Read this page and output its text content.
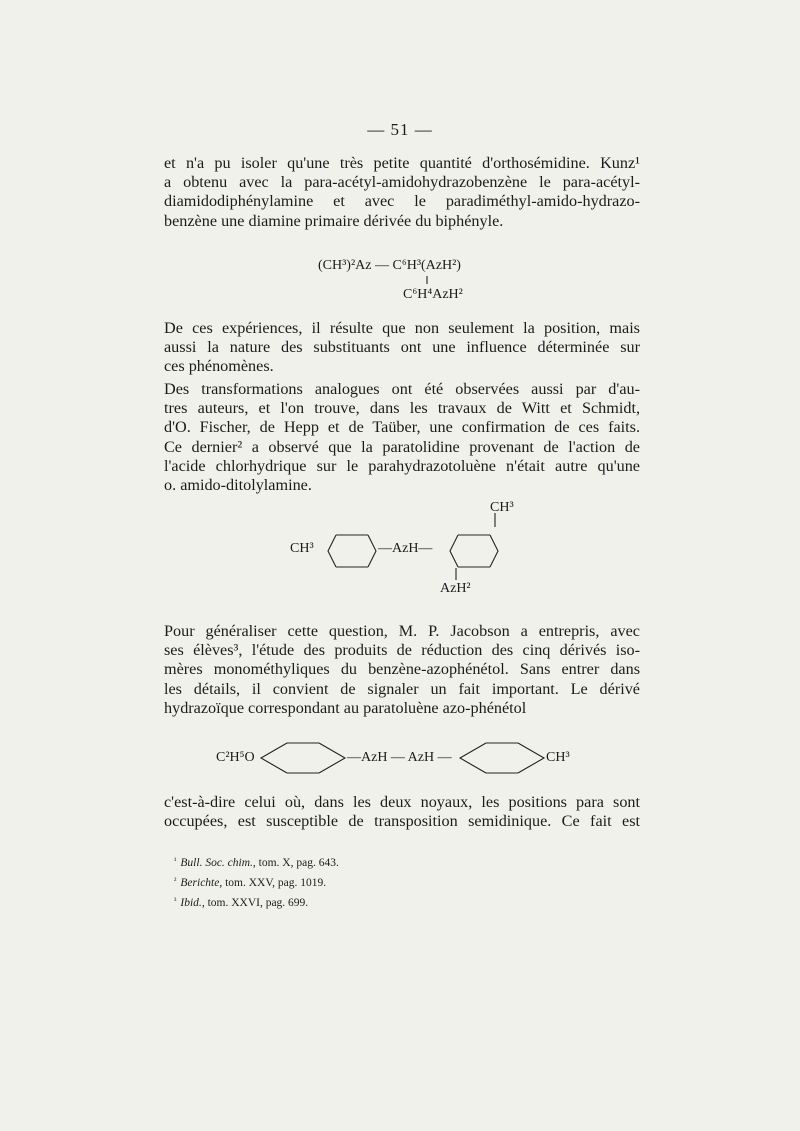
— 51 —
et n'a pu isoler qu'une très petite quantité d'orthosémidine. Kunz¹
a obtenu avec la para-acétyl-amidohydrazobenzène le para-acétyl-
diamidodiphénylamine et avec le paradiméthyl-amido-hydrazo-
benzène une diamine primaire dérivée du biphényle.
(CH³)²Az — C⁶H³(AzH²)
C⁶H⁴AzH²
De ces expériences, il résulte que non seulement la position, mais
aussi la nature des substituants ont une influence déterminée sur
ces phénomènes.
Des transformations analogues ont été observées aussi par d'au-
tres auteurs, et l'on trouve, dans les travaux de Witt et Schmidt,
d'O. Fischer, de Hepp et de Taüber, une confirmation de ces faits.
Ce dernier² a observé que la paratolidine provenant de l'action de
l'acide chlorhydrique sur le parahydrazotoluène n'était autre qu'une
o. amido-ditolylamine.
CH³	—AzH—
CH³
AzH²
Pour généraliser cette question, M. P. Jacobson a entrepris, avec
ses élèves³, l'étude des produits de réduction des cinq dérivés iso-
mères monométhyliques du benzène-azophénétol. Sans entrer dans
les détails, il convient de signaler un fait important. Le dérivé
hydrazoïque correspondant au paratoluène azo-phénétol
C²H⁵O	—AzH — AzH —	CH³
c'est-à-dire celui où, dans les deux noyaux, les positions para sont
occupées, est susceptible de transposition semidinique. Ce fait est
$^{^1}$ Bull. Soc. chim., tom. X, pag. 643.
$^{^2}$ Berichte, tom. XXV, pag. 1019.
$^{^3}$ Ibid., tom. XXVI, pag. 699.
